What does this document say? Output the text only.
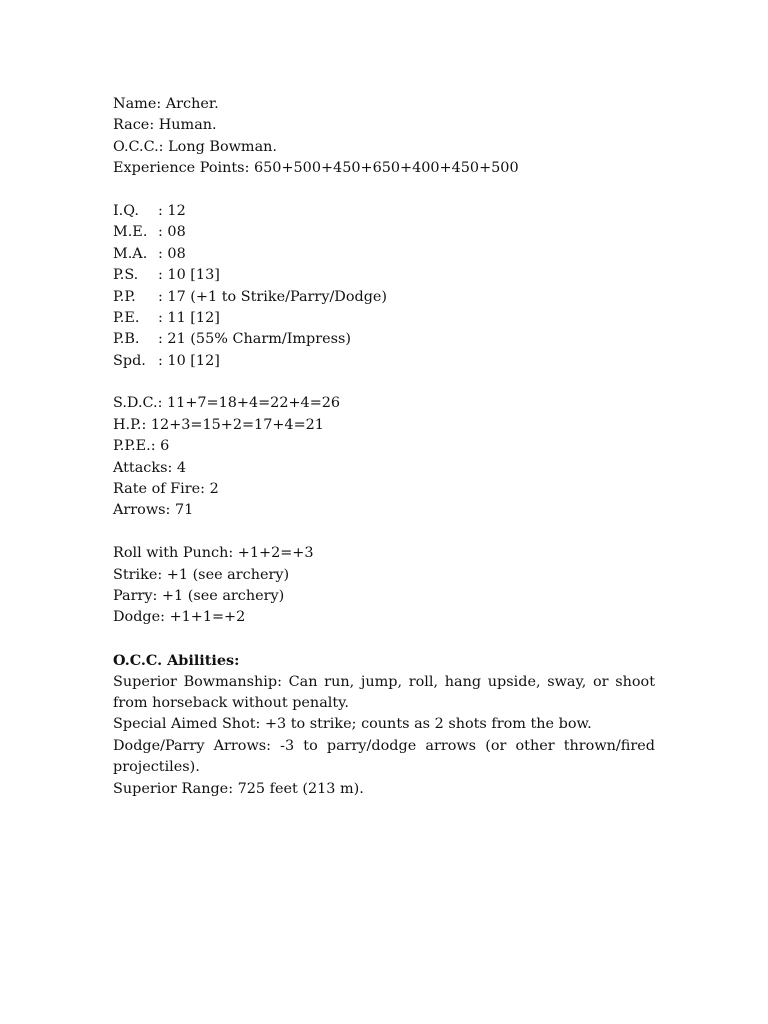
Name: Archer.
Race: Human.
O.C.C.: Long Bowman.
Experience Points: 650+500+450+650+400+450+500
I.Q.	: 12
M.E. : 08
M.A. : 08
P.S.	: 10 [13]
P.P.	: 17 (+1 to Strike/Parry/Dodge)
P.E.	: 11 [12]
P.B.	: 21 (55% Charm/Impress)
Spd. : 10 [12]
S.D.C.: 11+7=18+4=22+4=26
H.P.: 12+3=15+2=17+4=21
P.P.E.: 6
Attacks: 4
Rate of Fire: 2
Arrows: 71
Roll with Punch: +1+2=+3
Strike: +1 (see archery)
Parry: +1 (see archery)
Dodge: +1+1=+2
O.C.C. Abilities:
Superior Bowmanship: Can run, jump, roll, hang upside, sway, or shoot from horseback without penalty.
Special Aimed Shot: +3 to strike; counts as 2 shots from the bow.
Dodge/Parry Arrows: -3 to parry/dodge arrows (or other thrown/fired projectiles).
Superior Range: 725 feet (213 m).
